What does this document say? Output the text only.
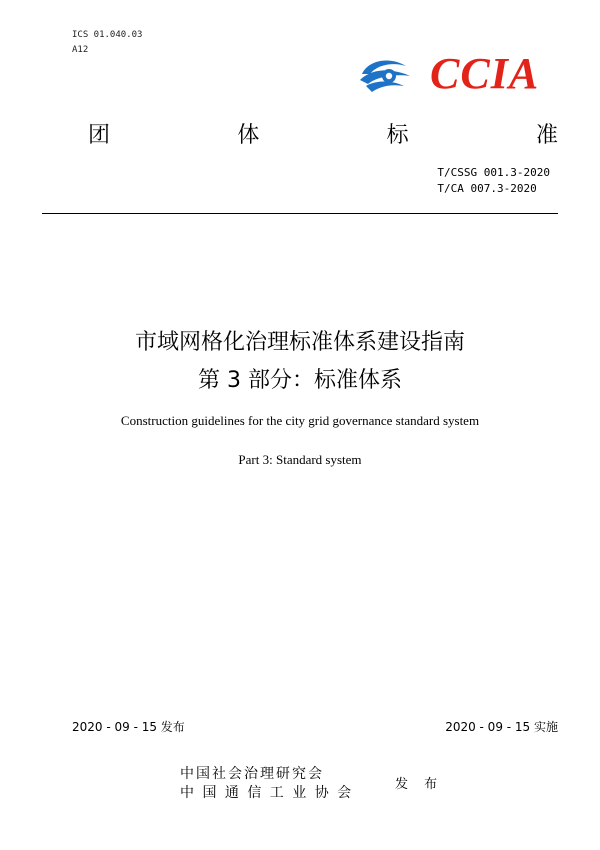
ICS 01.040.03
A12	CCIA
团	体	标	准
T/CSSG 001.3-2020
T/CA 007.3-2020
市域网格化治理标准体系建设指南
第 3 部分：标准体系
Construction guidelines for the city grid governance standard system
Part 3: Standard system
2020 - 09 - 15 发布	2020 - 09 - 15 实施
中国社会治理研究会
中 国 通 信 工 业 协 会
发 布
